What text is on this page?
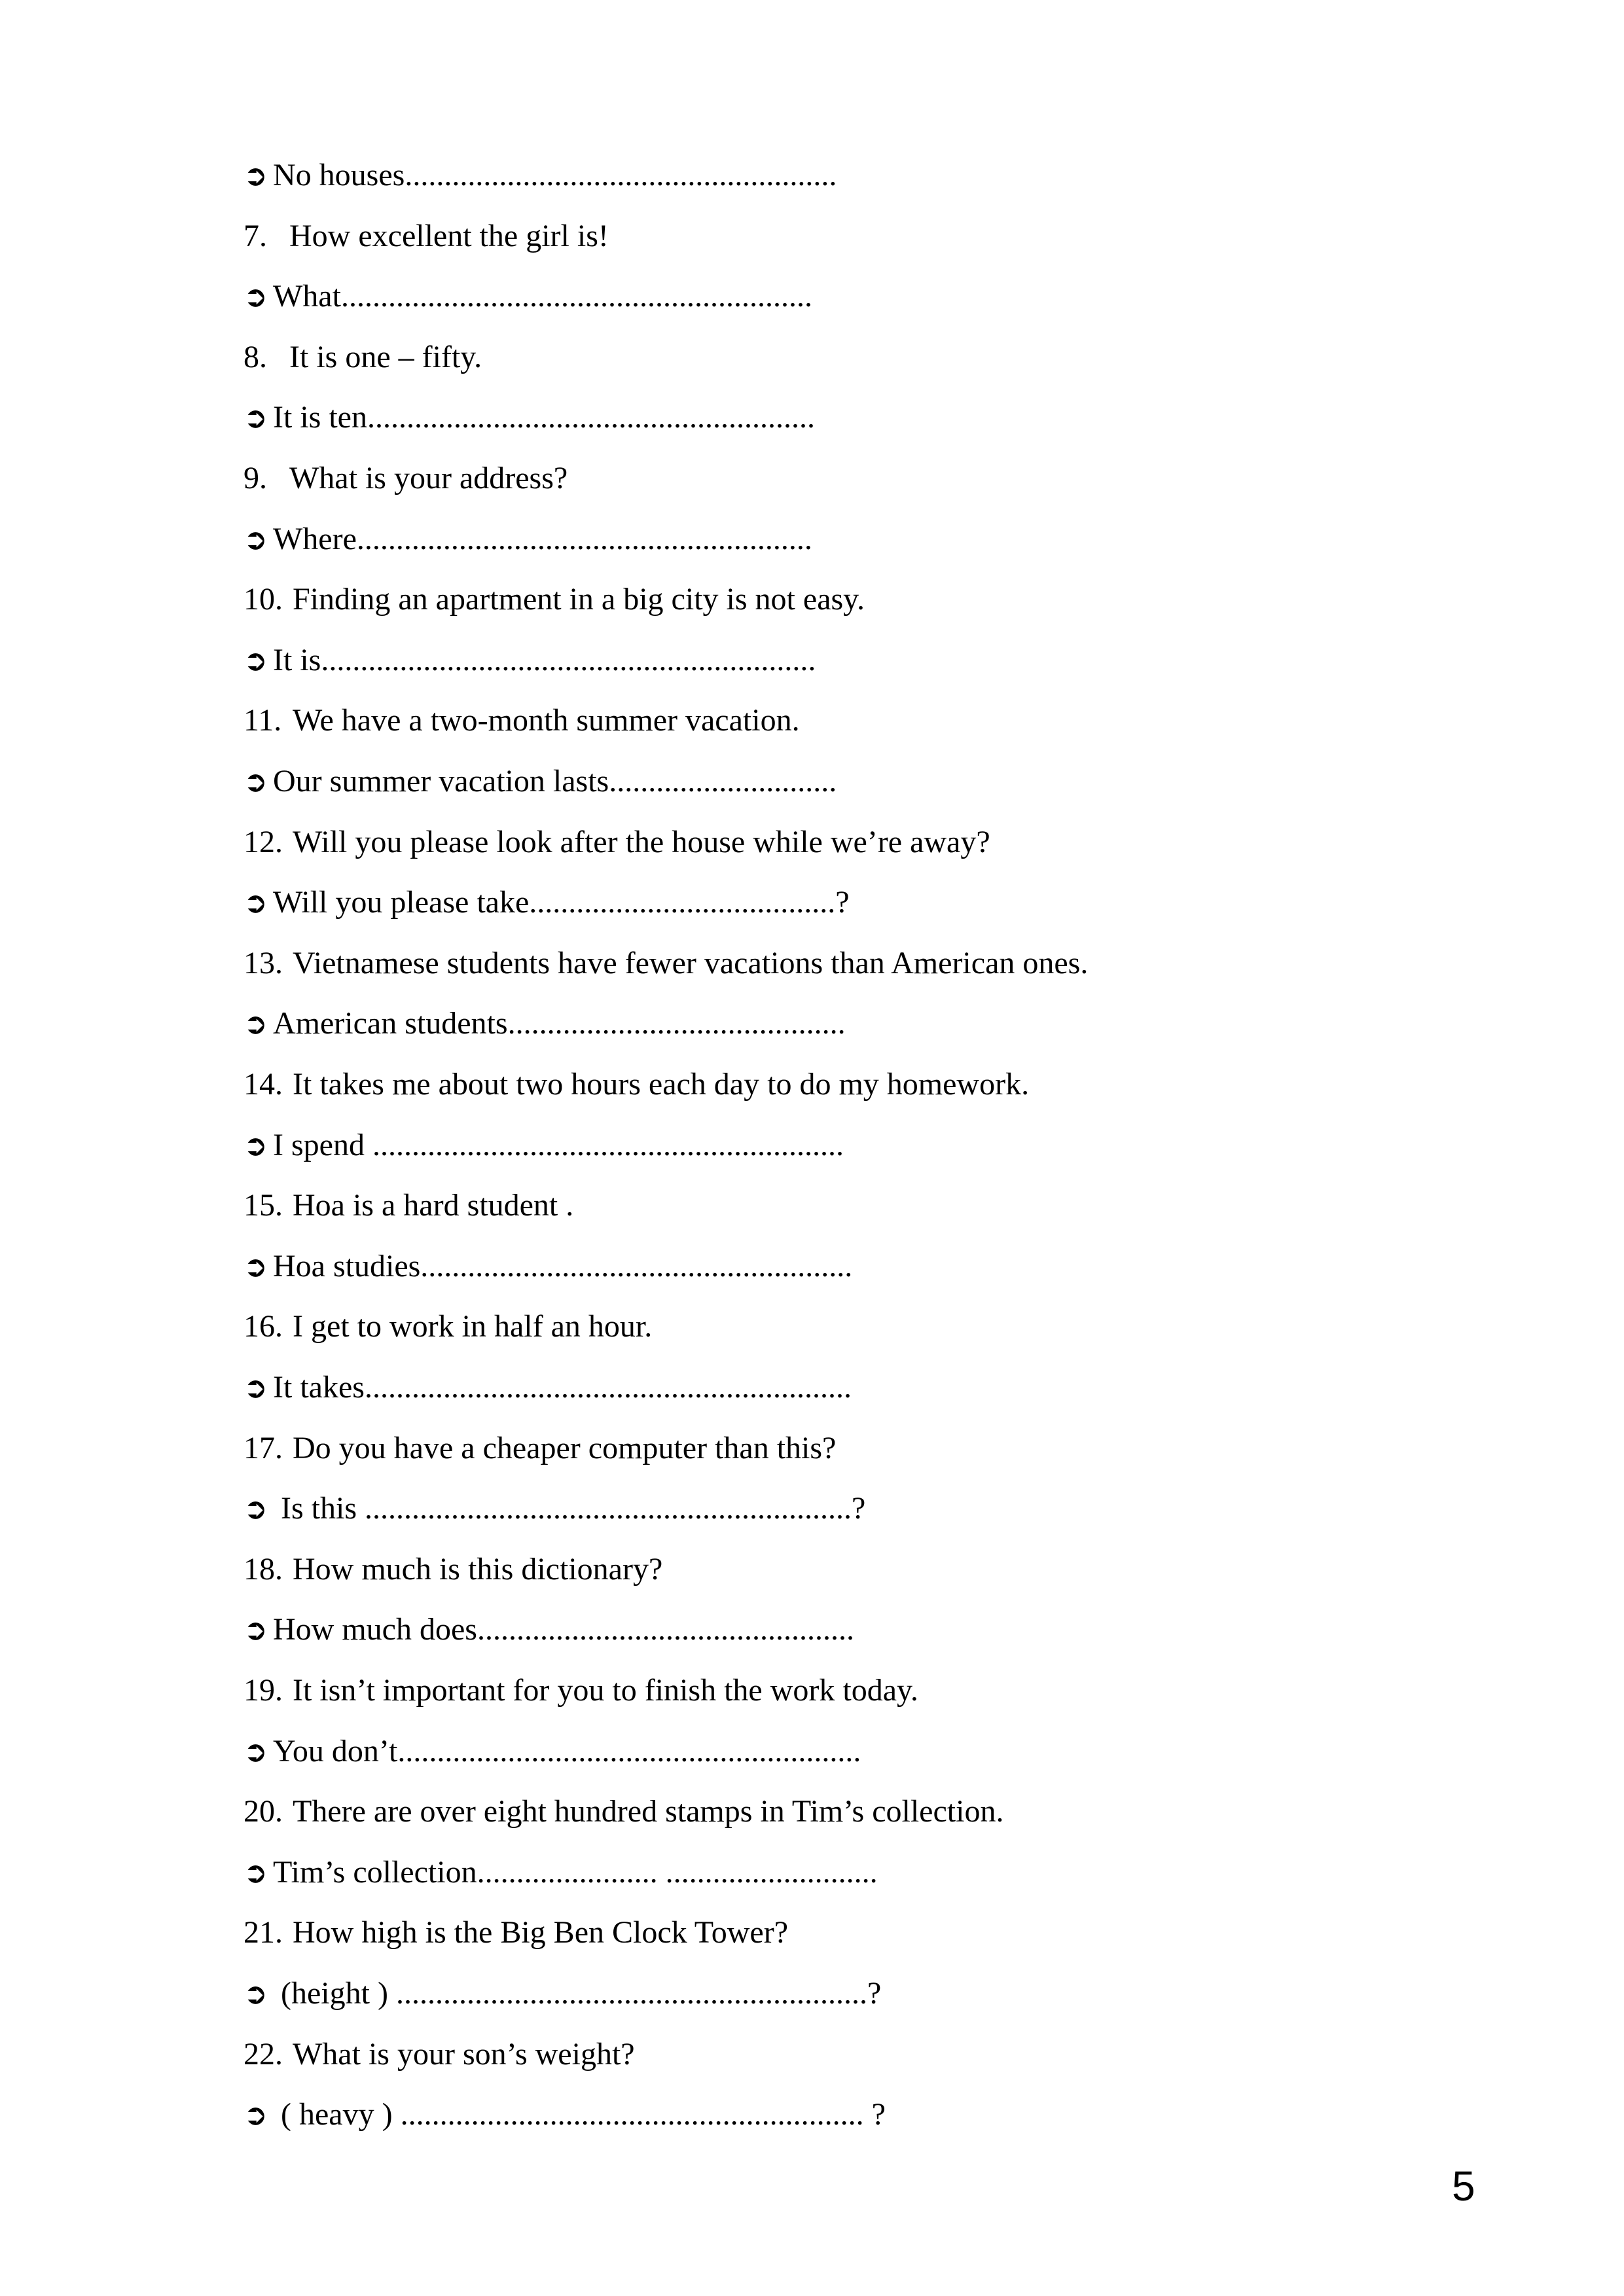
➲ No houses.......................................................
7. How excellent the girl is!
➲ What............................................................
8. It is one – fifty.
➲ It is ten.........................................................
9. What is your address?
➲ Where..........................................................
10. Finding an apartment in a big city is not easy.
➲ It is...............................................................
11. We have a two-month summer vacation.
➲ Our summer vacation lasts.............................
12. Will you please look after the house while we’re away?
➲ Will you please take.......................................?
13. Vietnamese students have fewer vacations than American ones.
➲ American students...........................................
14. It takes me about two hours each day to do my homework.
➲ I spend ............................................................
15. Hoa is a hard student .
➲ Hoa studies.......................................................
16. I get to work in half an hour.
➲ It takes..............................................................
17. Do you have a cheaper computer than this?
➲ Is this ..............................................................?
18. How much is this dictionary?
➲ How much does................................................
19. It isn’t important for you to finish the work today.
➲ You don’t...........................................................
20. There are over eight hundred stamps in Tim’s collection.
➲ Tim’s collection....................... ...........................
21. How high is the Big Ben Clock Tower?
➲ (height ) ............................................................?
22. What is your son’s weight?
➲ ( heavy ) ........................................................... ?
5
